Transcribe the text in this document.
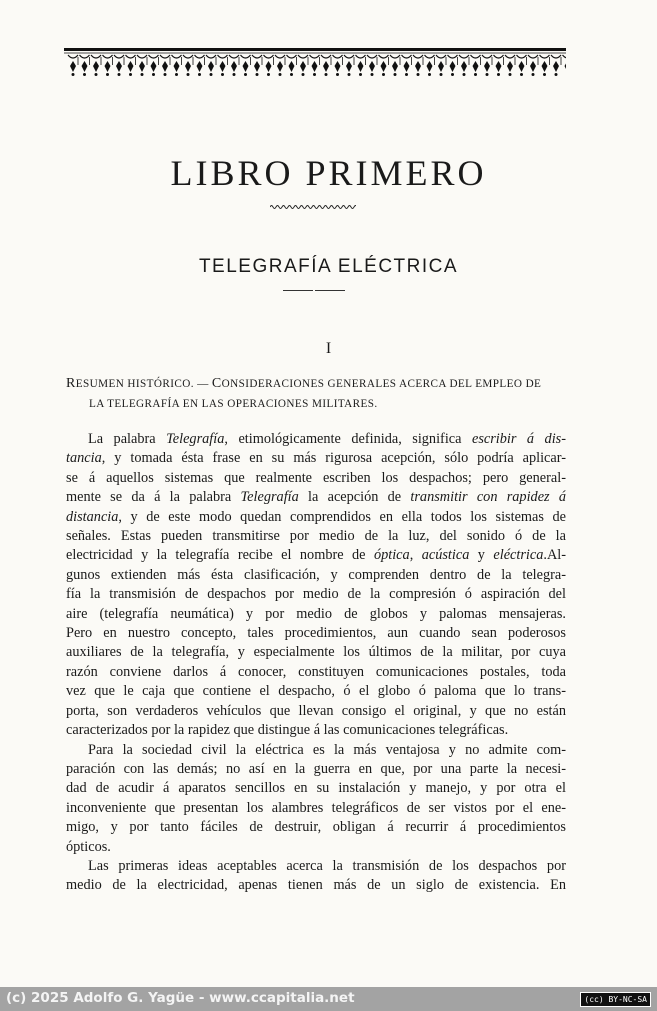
LIBRO PRIMERO
TELEGRAFÍA ELÉCTRICA
I
RESUMEN HISTÓRICO. — CONSIDERACIONES GENERALES ACERCA DEL EMPLEO DE
LA TELEGRAFÍA EN LAS OPERACIONES MILITARES.
La palabra Telegrafía, etimológicamente definida, significa escribir á dis-
tancia, y tomada ésta frase en su más rigurosa acepción, sólo podría aplicar-
se á aquellos sistemas que realmente escriben los despachos; pero general-
mente se da á la palabra Telegrafía la acepción de transmitir con rapidez á
distancia, y de este modo quedan comprendidos en ella todos los sistemas de
señales. Estas pueden transmitirse por medio de la luz, del sonido ó de la
electricidad y la telegrafía recibe el nombre de óptica, acústica y eléctrica.Al-
gunos extienden más ésta clasificación, y comprenden dentro de la telegra-
fía la transmisión de despachos por medio de la compresión ó aspiración del
aire (telegrafía neumática) y por medio de globos y palomas mensajeras.
Pero en nuestro concepto, tales procedimientos, aun cuando sean poderosos
auxiliares de la telegrafía, y especialmente los últimos de la militar, por cuya
razón conviene darlos á conocer, constituyen comunicaciones postales, toda
vez que le caja que contiene el despacho, ó el globo ó paloma que lo trans-
porta, son verdaderos vehículos que llevan consigo el original, y que no están
caracterizados por la rapidez que distingue á las comunicaciones telegráficas.
Para la sociedad civil la eléctrica es la más ventajosa y no admite com-
paración con las demás; no así en la guerra en que, por una parte la necesi-
dad de acudir á aparatos sencillos en su instalación y manejo, y por otra el
inconveniente que presentan los alambres telegráficos de ser vistos por el ene-
migo, y por tanto fáciles de destruir, obligan á recurrir á procedimientos
ópticos.
Las primeras ideas aceptables acerca la transmisión de los despachos por
medio de la electricidad, apenas tienen más de un siglo de existencia. En
(c) 2025 Adolfo G. Yagüe - www.ccapitalia.net	(cc) BY-NC-SA
